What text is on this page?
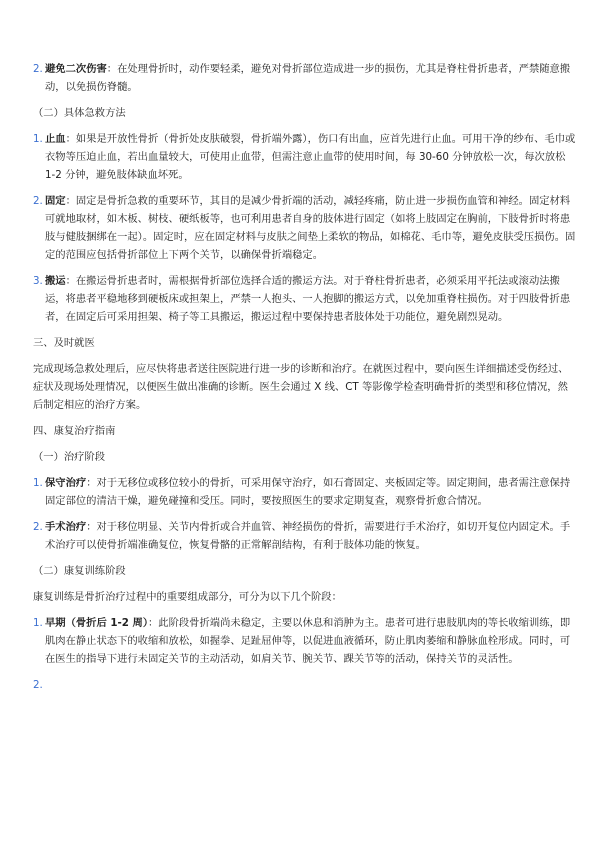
2. 避免二次伤害：在处理骨折时，动作要轻柔，避免对骨折部位造成进一步的损伤，尤其是脊柱骨折患者，严禁随意搬动，以免损伤脊髓。
（二）具体急救方法
1. 止血：如果是开放性骨折（骨折处皮肤破裂，骨折端外露），伤口有出血，应首先进行止血。可用干净的纱布、毛巾或衣物等压迫止血，若出血量较大，可使用止血带，但需注意止血带的使用时间，每 30-60 分钟放松一次，每次放松 1-2 分钟，避免肢体缺血坏死。
2. 固定：固定是骨折急救的重要环节，其目的是减少骨折端的活动，减轻疼痛，防止进一步损伤血管和神经。固定材料可就地取材，如木板、树枝、硬纸板等，也可利用患者自身的肢体进行固定（如将上肢固定在胸前，下肢骨折时将患肢与健肢捆绑在一起）。固定时，应在固定材料与皮肤之间垫上柔软的物品，如棉花、毛巾等，避免皮肤受压损伤。固定的范围应包括骨折部位上下两个关节，以确保骨折端稳定。
3. 搬运：在搬运骨折患者时，需根据骨折部位选择合适的搬运方法。对于脊柱骨折患者，必须采用平托法或滚动法搬运，将患者平稳地移到硬板床或担架上，严禁一人抱头、一人抱脚的搬运方式，以免加重脊柱损伤。对于四肢骨折患者，在固定后可采用担架、椅子等工具搬运，搬运过程中要保持患者肢体处于功能位，避免剧烈晃动。
三、及时就医
完成现场急救处理后，应尽快将患者送往医院进行进一步的诊断和治疗。在就医过程中，要向医生详细描述受伤经过、症状及现场处理情况，以便医生做出准确的诊断。医生会通过 X 线、CT 等影像学检查明确骨折的类型和移位情况，然后制定相应的治疗方案。
四、康复治疗指南
（一）治疗阶段
1. 保守治疗：对于无移位或移位较小的骨折，可采用保守治疗，如石膏固定、夹板固定等。固定期间，患者需注意保持固定部位的清洁干燥，避免碰撞和受压。同时，要按照医生的要求定期复查，观察骨折愈合情况。
2. 手术治疗：对于移位明显、关节内骨折或合并血管、神经损伤的骨折，需要进行手术治疗，如切开复位内固定术。手术治疗可以使骨折端准确复位，恢复骨骼的正常解剖结构，有利于肢体功能的恢复。
（二）康复训练阶段
康复训练是骨折治疗过程中的重要组成部分，可分为以下几个阶段：
1. 早期（骨折后 1-2 周）：此阶段骨折端尚未稳定，主要以休息和消肿为主。患者可进行患肢肌肉的等长收缩训练，即肌肉在静止状态下的收缩和放松，如握拳、足趾屈伸等，以促进血液循环，防止肌肉萎缩和静脉血栓形成。同时，可在医生的指导下进行未固定关节的主动活动，如肩关节、腕关节、踝关节等的活动，保持关节的灵活性。
2.
